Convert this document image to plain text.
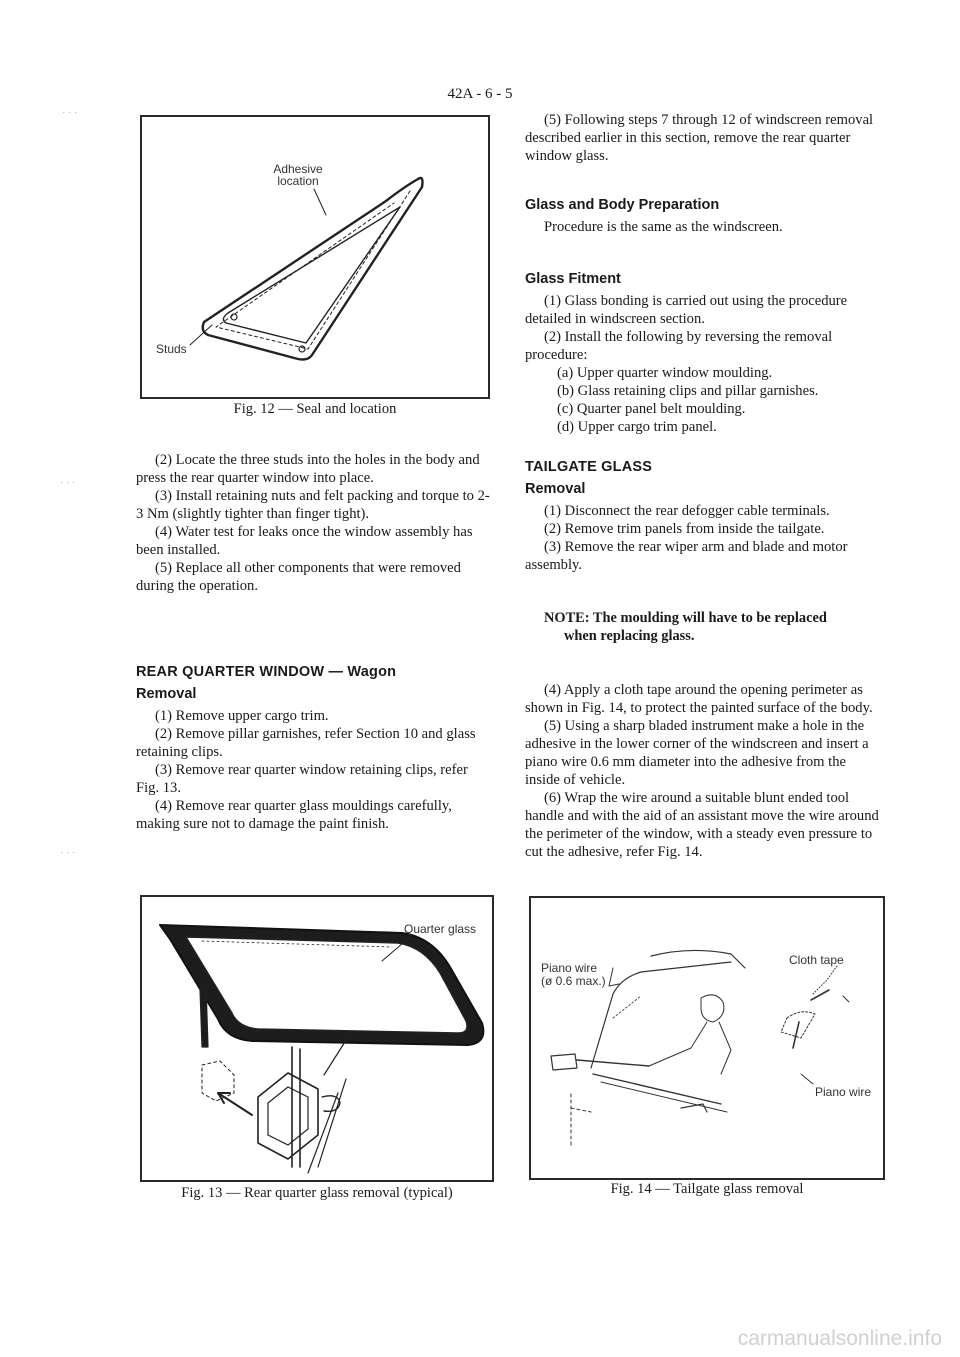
42A - 6 - 5
⋅ ⋅ ⋅
⋅ ⋅ ⋅
⋅ ⋅ ⋅
Adhesive location
Studs
Fig. 12 — Seal and location

(2) Locate the three studs into the holes in the body and press the rear quarter window into place.

(3) Install retaining nuts and felt packing and torque to 2-3 Nm (slightly tighter than finger tight).

(4) Water test for leaks once the window assembly has been installed.

(5) Replace all other components that were removed during the operation.

REAR QUARTER WINDOW — Wagon
Removal

(1) Remove upper cargo trim.

(2) Remove pillar garnishes, refer Section 10 and glass retaining clips.

(3) Remove rear quarter window retaining clips, refer Fig. 13.

(4) Remove rear quarter glass mouldings carefully, making sure not to damage the paint finish.

Quarter glass
Fig. 13 — Rear quarter glass removal (typical)

(5) Following steps 7 through 12 of windscreen removal described earlier in this section, remove the rear quarter window glass.

Glass and Body Preparation

Procedure is the same as the windscreen.

Glass Fitment

(1) Glass bonding is carried out using the procedure detailed in windscreen section.

(2) Install the following by reversing the removal procedure:

(a) Upper quarter window moulding.

(b) Glass retaining clips and pillar garnishes.

(c) Quarter panel belt moulding.

(d) Upper cargo trim panel.

TAILGATE GLASS
Removal

(1) Disconnect the rear defogger cable terminals.

(2) Remove trim panels from inside the tailgate.

(3) Remove the rear wiper arm and blade and motor assembly.

NOTE: The moulding will have to be replaced
when replacing glass.

(4) Apply a cloth tape around the opening perimeter as shown in Fig. 14, to protect the painted surface of the body.

(5) Using a sharp bladed instrument make a hole in the adhesive in the lower corner of the windscreen and insert a piano wire 0.6 mm diameter into the adhesive from the inside of vehicle.

(6) Wrap the wire around a suitable blunt ended tool handle and with the aid of an assistant move the wire around the perimeter of the window, with a steady even pressure to cut the adhesive, refer Fig. 14.

Piano wire
(ø 0.6 max.)
Cloth tape
Piano wire
Fig. 14 — Tailgate glass removal
carmanualsonline.info
